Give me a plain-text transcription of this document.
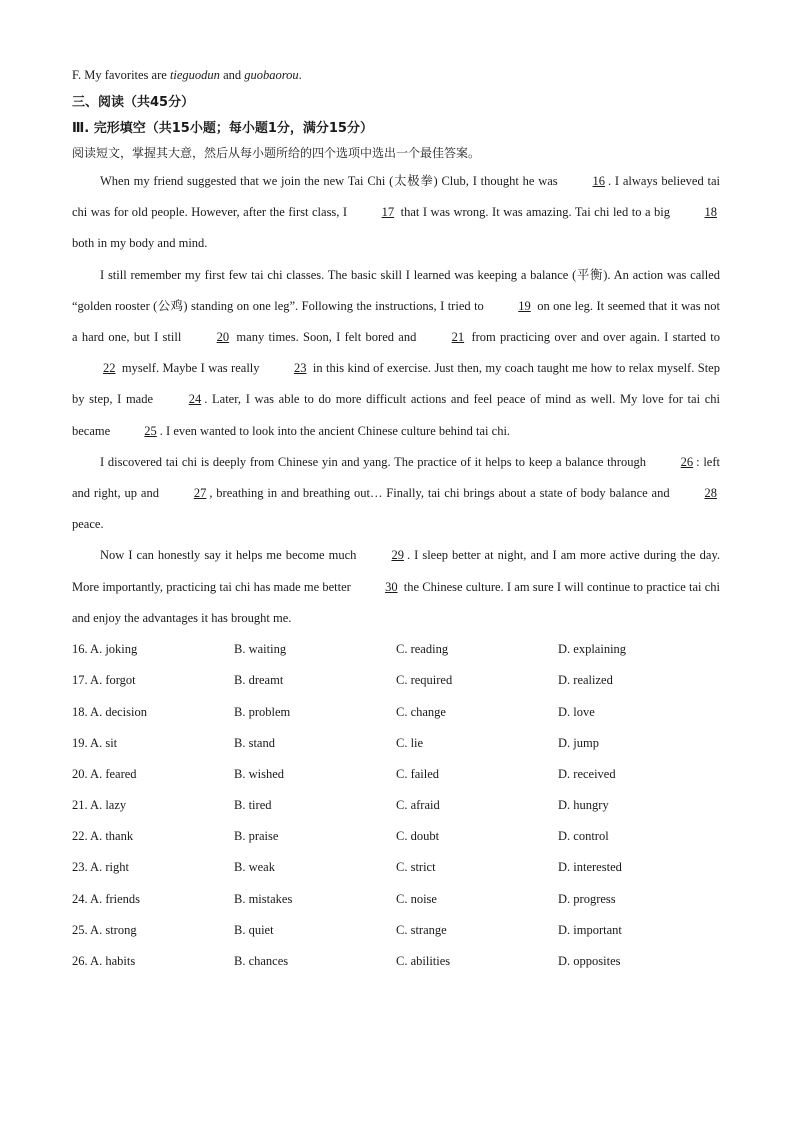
F. My favorites are tieguodun and guobaorou.
三、阅读（共45分）
Ⅲ. 完形填空（共15小题；每小题1分，满分15分）
阅读短文，掌握其大意，然后从每小题所给的四个选项中选出一个最佳答案。

When my friend suggested that we join the new Tai Chi (太极拳) Club, I thought he was 16 . I always believed tai chi was for old people. However, after the first class, I 17 that I was wrong. It was amazing. Tai chi led to a big 18 both in my body and mind.

I still remember my first few tai chi classes. The basic skill I learned was keeping a balance (平衡). An action was called “golden rooster (公鸡) standing on one leg”. Following the instructions, I tried to 19 on one leg. It seemed that it was not a hard one, but I still 20 many times. Soon, I felt bored and 21 from practicing over and over again. I started to 22 myself. Maybe I was really 23 in this kind of exercise. Just then, my coach taught me how to relax myself. Step by step, I made 24 . Later, I was able to do more difficult actions and feel peace of mind as well. My love for tai chi became 25 . I even wanted to look into the ancient Chinese culture behind tai chi.

I discovered tai chi is deeply from Chinese yin and yang. The practice of it helps to keep a balance through 26 : left and right, up and 27 , breathing in and breathing out… Finally, tai chi brings about a state of body balance and 28 peace.

Now I can honestly say it helps me become much 29 . I sleep better at night, and I am more active during the day. More importantly, practicing tai chi has made me better 30 the Chinese culture. I am sure I will continue to practice tai chi and enjoy the advantages it has brought me.

16. A. joking	B. waiting	C. reading	D. explaining
17. A. forgot	B. dreamt	C. required	D. realized
18. A. decision	B. problem	C. change	D. love
19. A. sit	B. stand	C. lie	D. jump
20. A. feared	B. wished	C. failed	D. received
21. A. lazy	B. tired	C. afraid	D. hungry
22. A. thank	B. praise	C. doubt	D. control
23. A. right	B. weak	C. strict	D. interested
24. A. friends	B. mistakes	C. noise	D. progress
25. A. strong	B. quiet	C. strange	D. important
26. A. habits	B. chances	C. abilities	D. opposites
